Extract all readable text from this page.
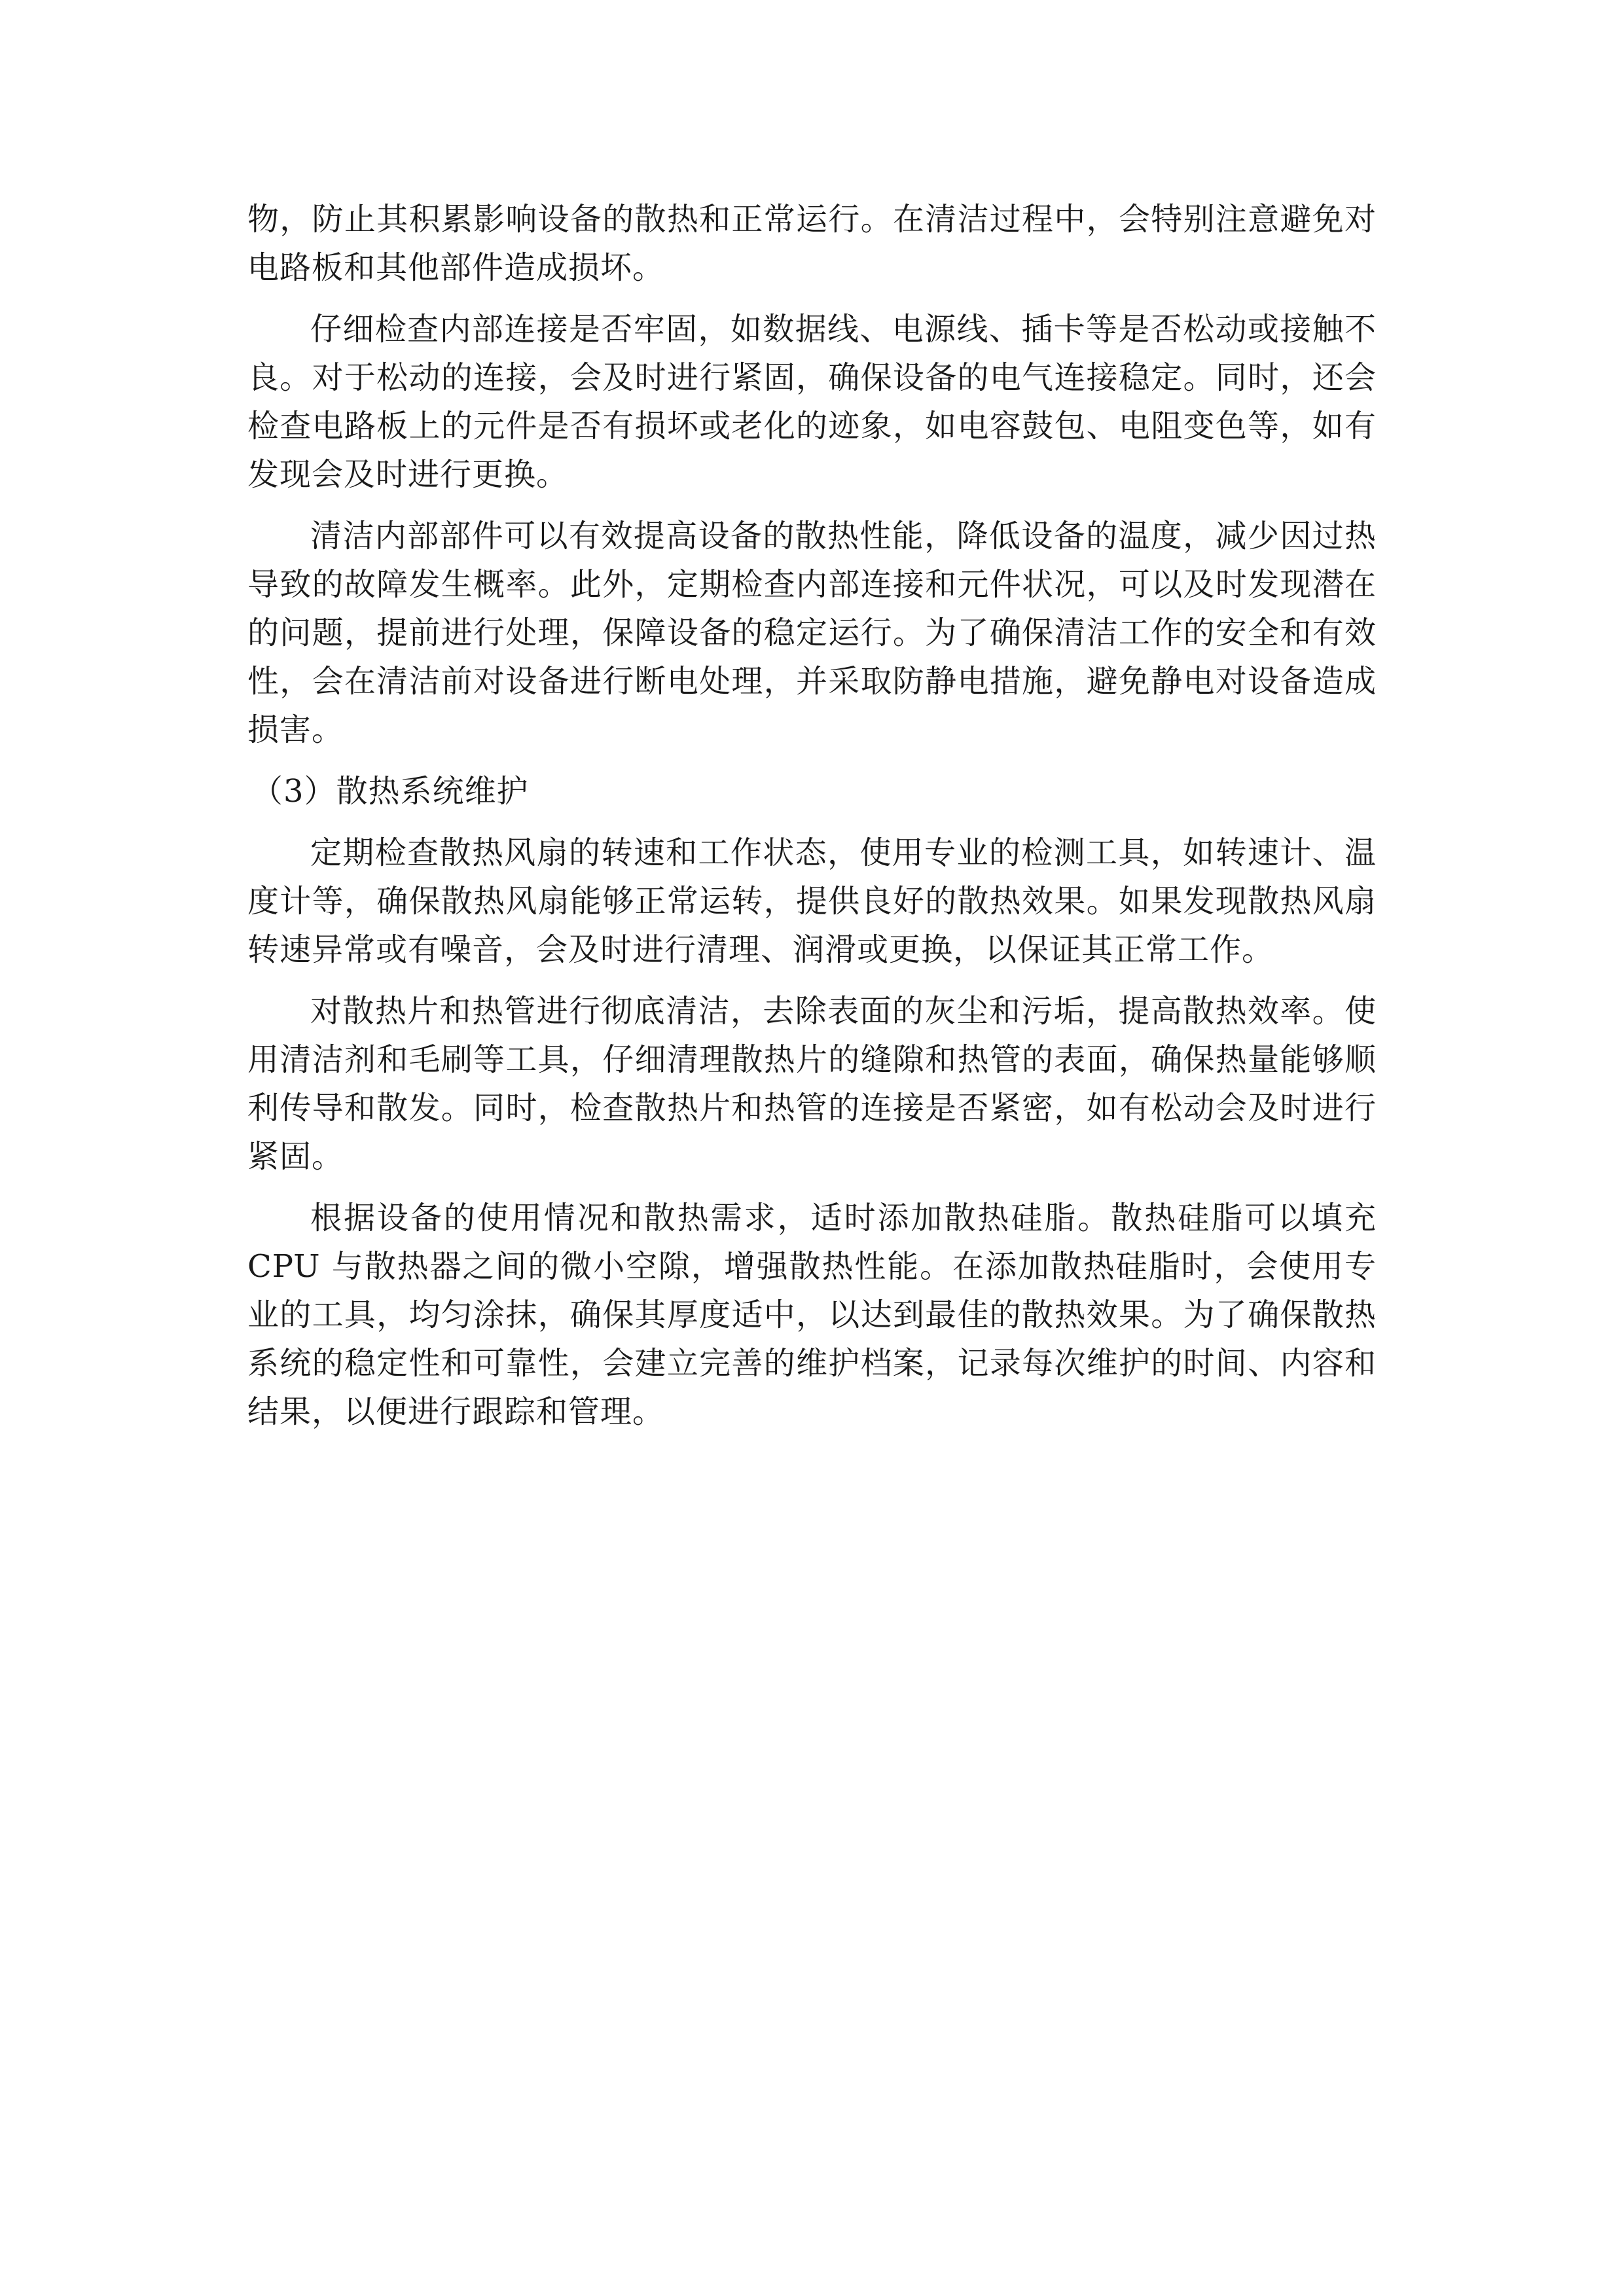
物，防止其积累影响设备的散热和正常运行。在清洁过程中，会特别注意避免对电路板和其他部件造成损坏。

仔细检查内部连接是否牢固，如数据线、电源线、插卡等是否松动或接触不良。对于松动的连接，会及时进行紧固，确保设备的电气连接稳定。同时，还会检查电路板上的元件是否有损坏或老化的迹象，如电容鼓包、电阻变色等，如有发现会及时进行更换。

清洁内部部件可以有效提高设备的散热性能，降低设备的温度，减少因过热导致的故障发生概率。此外，定期检查内部连接和元件状况，可以及时发现潜在的问题，提前进行处理，保障设备的稳定运行。为了确保清洁工作的安全和有效性，会在清洁前对设备进行断电处理，并采取防静电措施，避免静电对设备造成损害。

（3）散热系统维护

定期检查散热风扇的转速和工作状态，使用专业的检测工具，如转速计、温度计等，确保散热风扇能够正常运转，提供良好的散热效果。如果发现散热风扇转速异常或有噪音，会及时进行清理、润滑或更换，以保证其正常工作。

对散热片和热管进行彻底清洁，去除表面的灰尘和污垢，提高散热效率。使用清洁剂和毛刷等工具，仔细清理散热片的缝隙和热管的表面，确保热量能够顺利传导和散发。同时，检查散热片和热管的连接是否紧密，如有松动会及时进行紧固。

根据设备的使用情况和散热需求，适时添加散热硅脂。散热硅脂可以填充CPU 与散热器之间的微小空隙，增强散热性能。在添加散热硅脂时，会使用专业的工具，均匀涂抹，确保其厚度适中，以达到最佳的散热效果。为了确保散热系统的稳定性和可靠性，会建立完善的维护档案，记录每次维护的时间、内容和结果，以便进行跟踪和管理。
